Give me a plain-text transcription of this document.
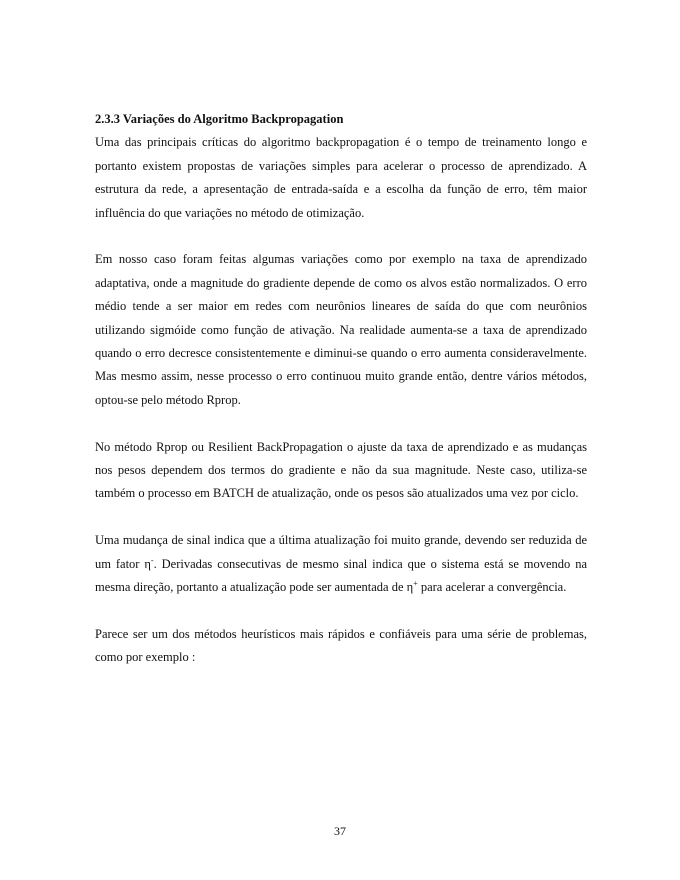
2.3.3 Variações do Algoritmo Backpropagation

Uma das principais críticas do algoritmo backpropagation é o tempo de treinamento longo e portanto existem propostas de variações simples para acelerar o processo de aprendizado. A estrutura da rede, a apresentação de entrada-saída e a escolha da função de erro, têm maior influência do que variações no método de otimização.

Em nosso caso foram feitas algumas variações como por exemplo na taxa de aprendizado adaptativa, onde a magnitude do gradiente depende de como os alvos estão normalizados. O erro médio tende a ser maior em redes com neurônios lineares de saída do que com neurônios utilizando sigmóide como função de ativação. Na realidade aumenta-se a taxa de aprendizado quando o erro decresce consistentemente e diminui-se quando o erro aumenta consideravelmente. Mas mesmo assim, nesse processo o erro continuou muito grande então, dentre vários métodos, optou-se pelo método Rprop.

No método Rprop ou Resilient BackPropagation o ajuste da taxa de aprendizado e as mudanças nos pesos dependem dos termos do gradiente e não da sua magnitude. Neste caso, utiliza-se também o processo em BATCH de atualização, onde os pesos são atualizados uma vez por ciclo.

Uma mudança de sinal indica que a última atualização foi muito grande, devendo ser reduzida de um fator η-. Derivadas consecutivas de mesmo sinal indica que o sistema está se movendo na mesma direção, portanto a atualização pode ser aumentada de η+ para acelerar a convergência.

Parece ser um dos métodos heurísticos mais rápidos e confiáveis para uma série de problemas, como por exemplo :

37
